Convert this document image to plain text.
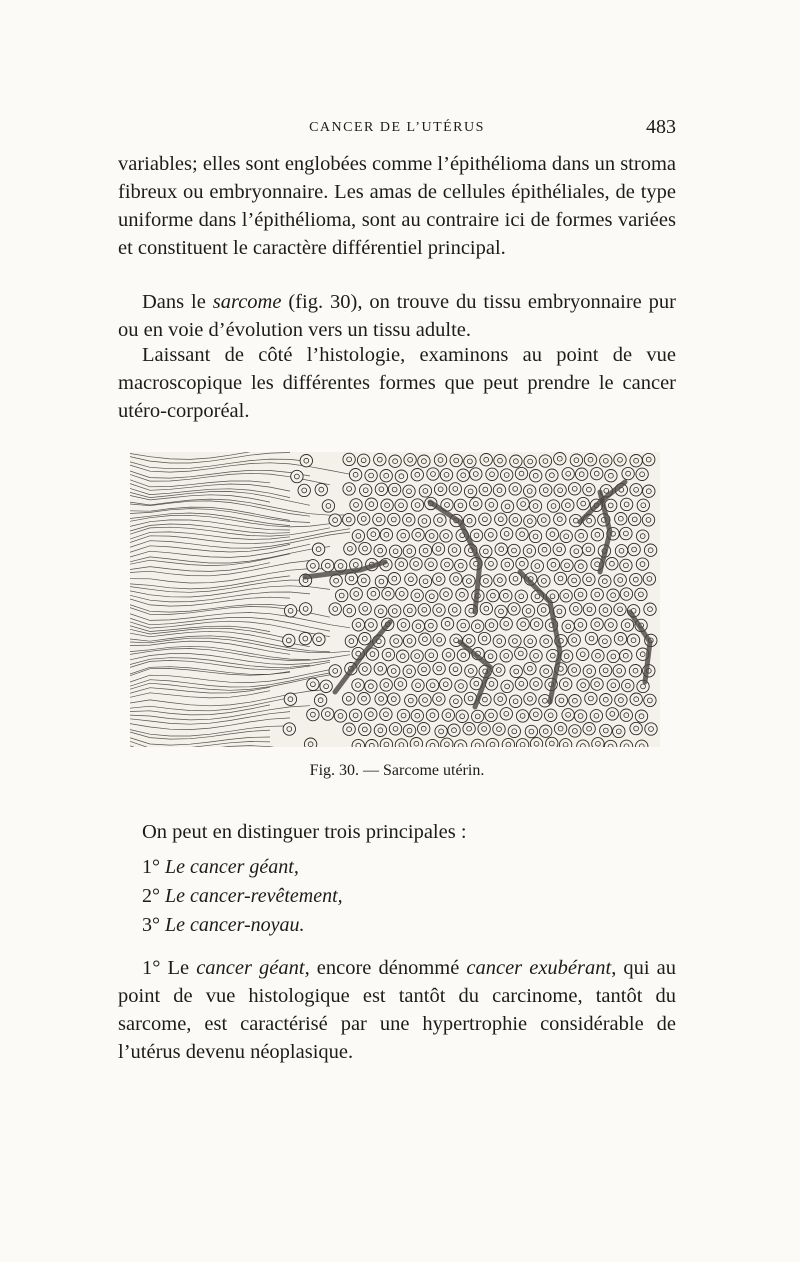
CANCER DE L’UTÉRUS	483

variables; elles sont englobées comme l’épithélioma dans un stroma fibreux ou embryonnaire. Les amas de cellules épithéliales, de type uniforme dans l’épithélioma, sont au contraire ici de formes variées et constituent le caractère différentiel principal.

Dans le sarcome (fig. 30), on trouve du tissu embryonnaire pur ou en voie d’évolution vers un tissu adulte.

Laissant de côté l’histologie, examinons au point de vue macroscopique les différentes formes que peut prendre le cancer utéro-corporéal.

Fig. 30. — Sarcome utérin.

On peut en distinguer trois principales :

1° Le cancer géant,
2° Le cancer-revêtement,
3° Le cancer-noyau.

1° Le cancer géant, encore dénommé cancer exubérant, qui au point de vue histologique est tantôt du carcinome, tantôt du sarcome, est caractérisé par une hypertrophie considérable de l’utérus devenu néoplasique.
